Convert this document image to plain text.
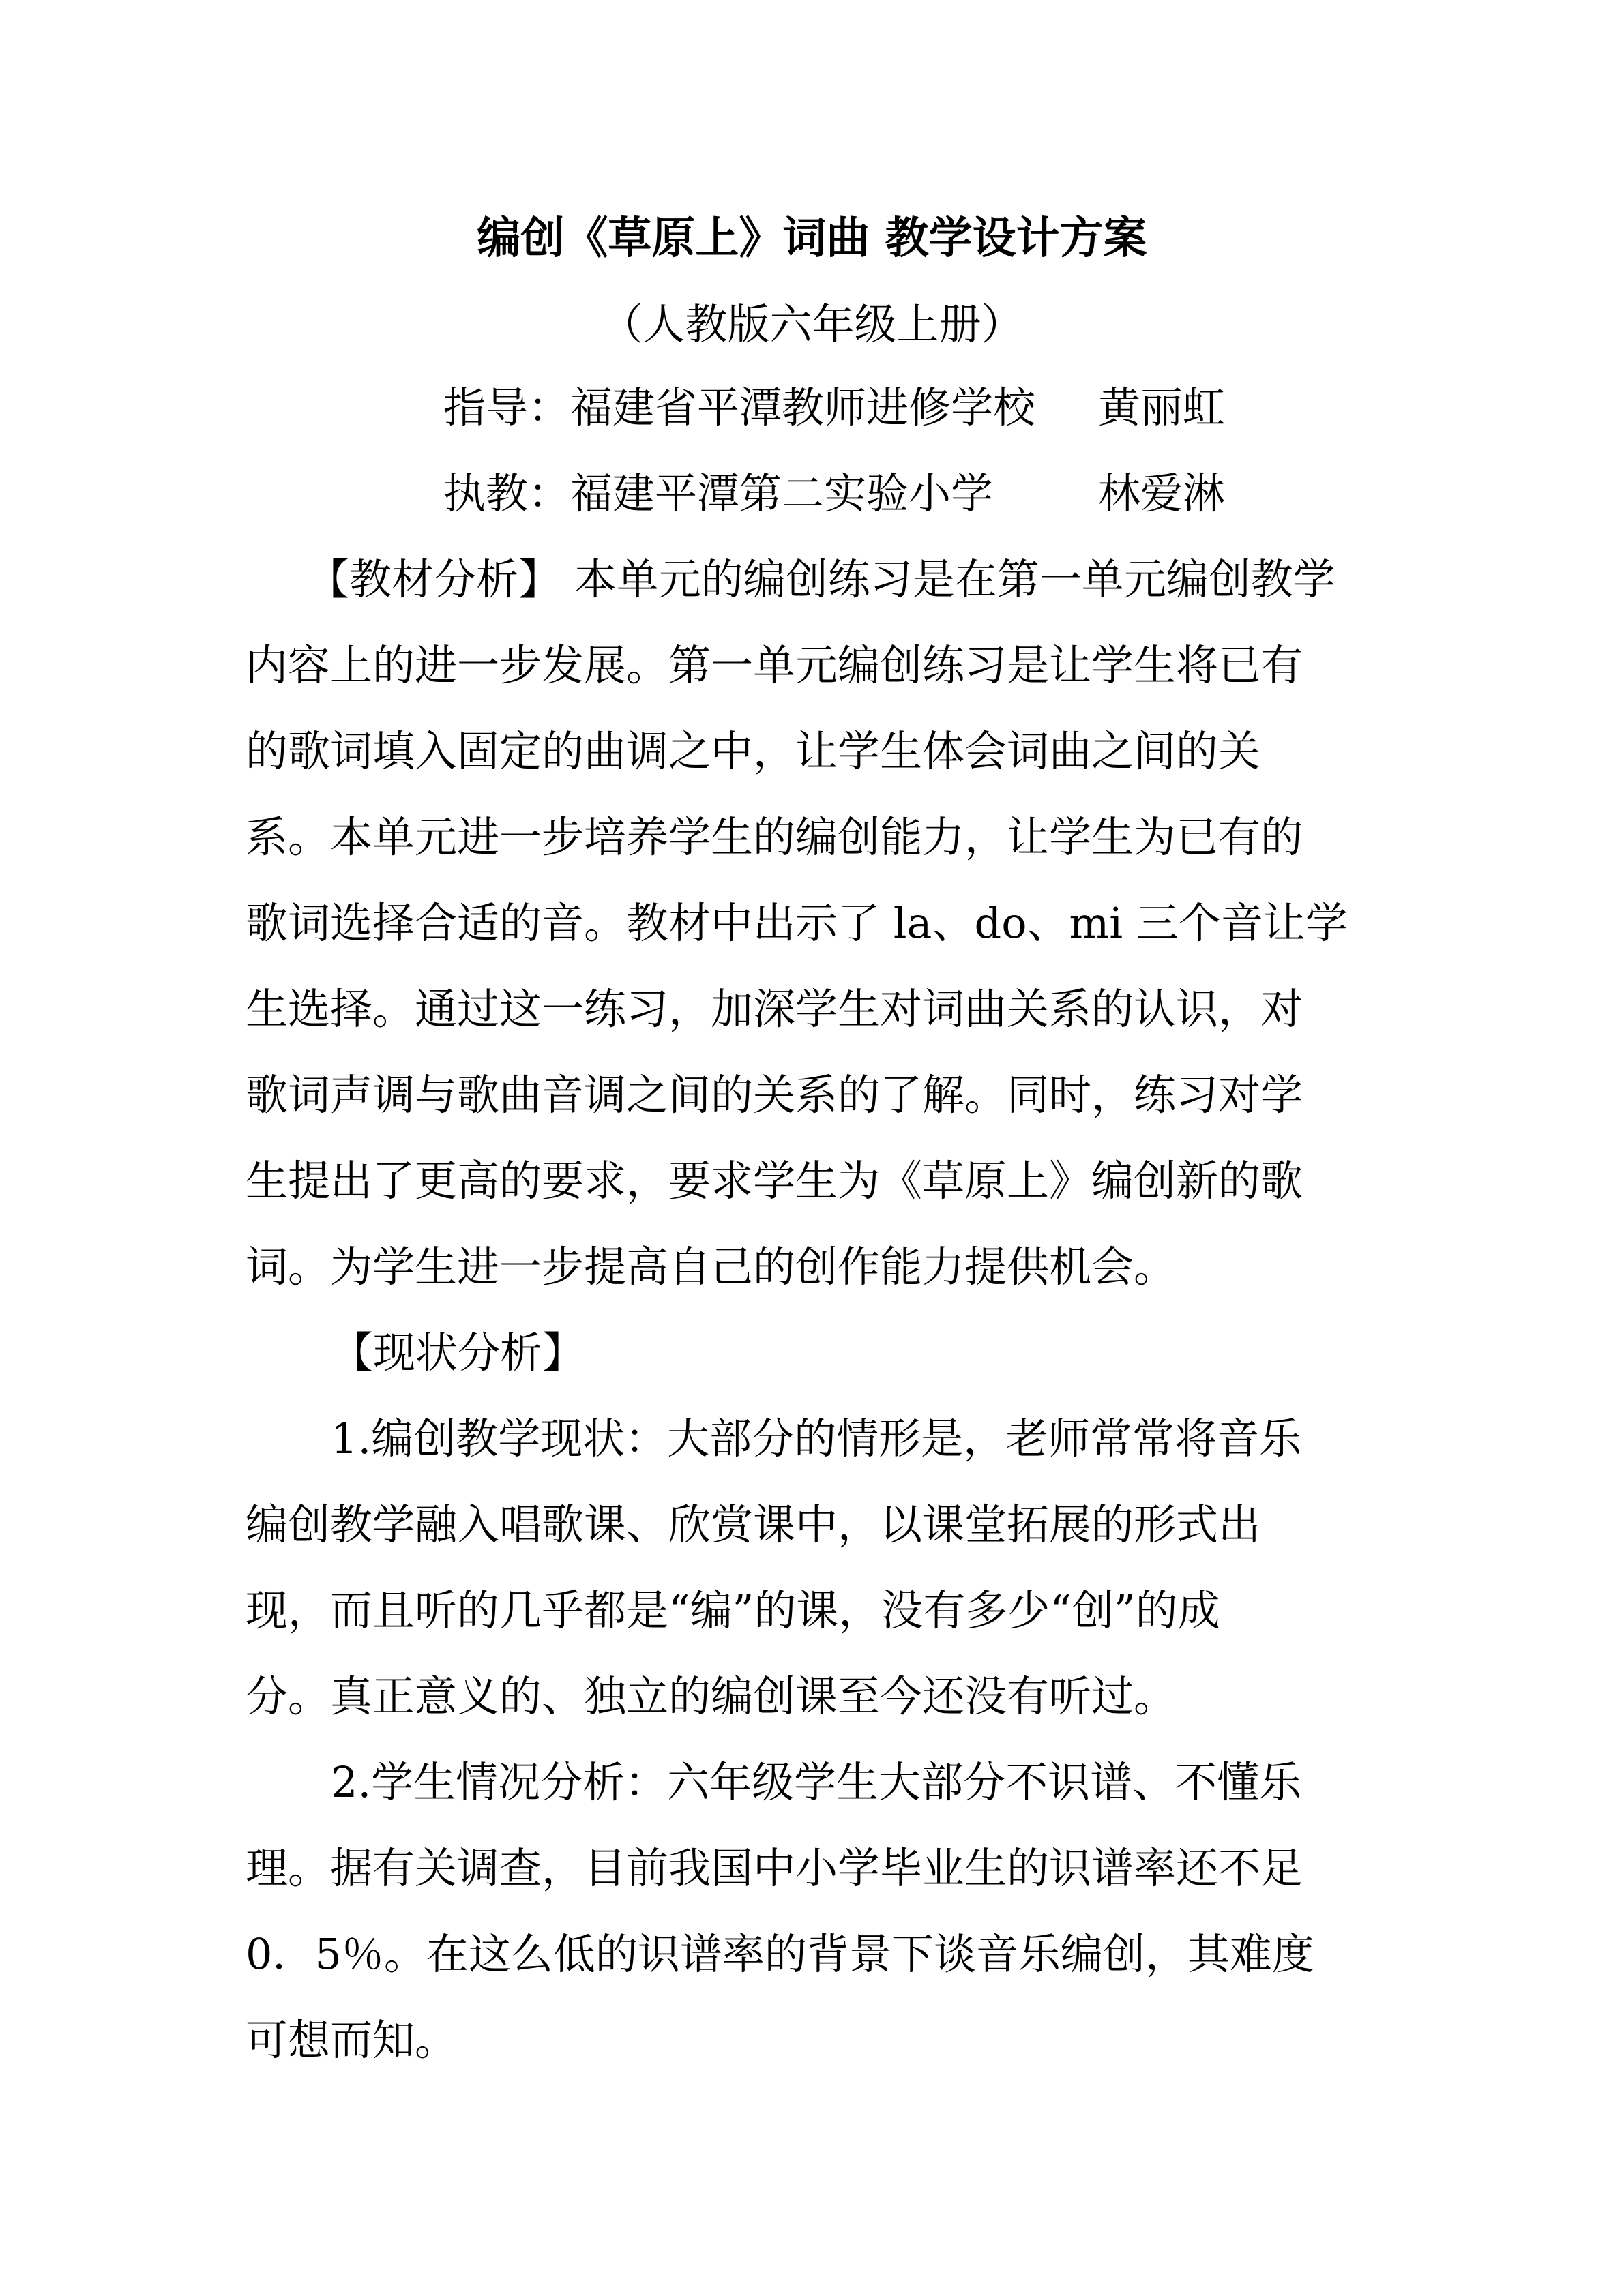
编创《草原上》词曲 教学设计方案
（人教版六年级上册）
指导：福建省平潭教师进修学校 黄丽虹
执教：福建平潭第二实验小学 林爱淋
【教材分析】 本单元的编创练习是在第一单元编创教学
内容上的进一步发展。第一单元编创练习是让学生将已有
的歌词填入固定的曲调之中，让学生体会词曲之间的关
系。本单元进一步培养学生的编创能力，让学生为已有的
歌词选择合适的音。教材中出示了 la、do、mi 三个音让学
生选择。通过这一练习，加深学生对词曲关系的认识，对
歌词声调与歌曲音调之间的关系的了解。同时，练习对学
生提出了更高的要求，要求学生为《草原上》编创新的歌
词。为学生进一步提高自己的创作能力提供机会。
【现状分析】
1.编创教学现状：大部分的情形是，老师常常将音乐
编创教学融入唱歌课、欣赏课中，以课堂拓展的形式出
现，而且听的几乎都是“编”的课，没有多少“创”的成
分。真正意义的、独立的编创课至今还没有听过。
2.学生情况分析：六年级学生大部分不识谱、不懂乐
理。据有关调查，目前我国中小学毕业生的识谱率还不足
0．5％。在这么低的识谱率的背景下谈音乐编创，其难度
可想而知。
